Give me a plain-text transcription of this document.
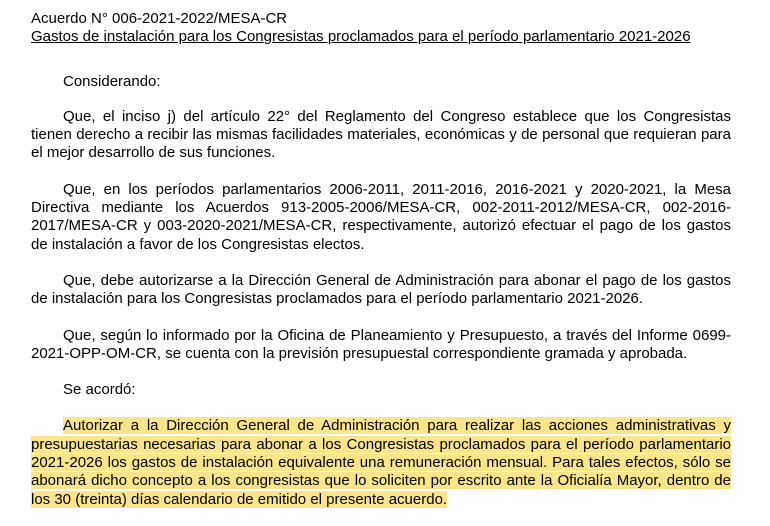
Acuerdo N° 006-2021-2022/MESA-CR

Gastos de instalación para los Congresistas proclamados para el período parlamentario 2021-2026

Considerando:

Que, el inciso j) del artículo 22° del Reglamento del Congreso establece que los Congresistas tienen derecho a recibir las mismas facilidades materiales, económicas y de personal que requieran para el mejor desarrollo de sus funciones.

Que, en los períodos parlamentarios 2006-2011, 2011-2016, 2016-2021 y 2020-2021, la Mesa Directiva mediante los Acuerdos 913-2005-2006/MESA-CR, 002-2011-2012/MESA-CR, 002-2016-2017/MESA-CR y 003-2020-2021/MESA-CR, respectivamente, autorizó efectuar el pago de los gastos de instalación a favor de los Congresistas electos.

Que, debe autorizarse a la Dirección General de Administración para abonar el pago de los gastos de instalación para los Congresistas proclamados para el período parlamentario 2021-2026.

Que, según lo informado por la Oficina de Planeamiento y Presupuesto, a través del Informe 0699-2021-OPP-OM-CR, se cuenta con la previsión presupuestal correspondiente gramada y aprobada.

Se acordó:

Autorizar a la Dirección General de Administración para realizar las acciones administrativas y presupuestarias necesarias para abonar a los Congresistas proclamados para el período parlamentario 2021-2026 los gastos de instalación equivalente una remuneración mensual. Para tales efectos, sólo se abonará dicho concepto a los congresistas que lo soliciten por escrito ante la Oficialía Mayor, dentro de los 30 (treinta) días calendario de emitido el presente acuerdo.
